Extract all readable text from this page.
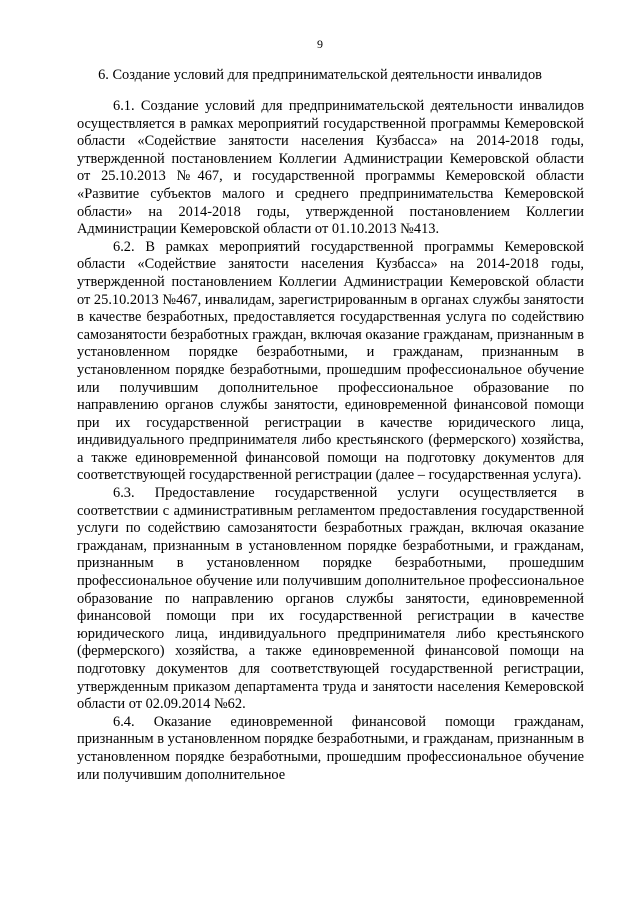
9
6. Создание условий для предпринимательской деятельности инвалидов

6.1. Создание условий для предпринимательской деятельности инвалидов осуществляется в рамках мероприятий государственной программы Кемеровской области «Содействие занятости населения Кузбасса» на 2014-2018 годы, утвержденной постановлением Коллегии Администрации Кемеровской области от 25.10.2013 №467, и государственной программы Кемеровской области «Развитие субъектов малого и среднего предпринимательства Кемеровской области» на 2014-2018 годы, утвержденной постановлением Коллегии Администрации Кемеровской области от 01.10.2013 №413.

6.2. В рамках мероприятий государственной программы Кемеровской области «Содействие занятости населения Кузбасса» на 2014-2018 годы, утвержденной постановлением Коллегии Администрации Кемеровской области от 25.10.2013 №467, инвалидам, зарегистрированным в органах службы занятости в качестве безработных, предоставляется государственная услуга по содействию самозанятости безработных граждан, включая оказание гражданам, признанным в установленном порядке безработными, и гражданам, признанным в установленном порядке безработными, прошедшим профессиональное обучение или получившим дополнительное профессиональное образование по направлению органов службы занятости, единовременной финансовой помощи при их государственной регистрации в качестве юридического лица, индивидуального предпринимателя либо крестьянского (фермерского) хозяйства, а также единовременной финансовой помощи на подготовку документов для соответствующей государственной регистрации (далее – государственная услуга).

6.3. Предоставление государственной услуги осуществляется в соответствии с административным регламентом предоставления государственной услуги по содействию самозанятости безработных граждан, включая оказание гражданам, признанным в установленном порядке безработными, и гражданам, признанным в установленном порядке безработными, прошедшим профессиональное обучение или получившим дополнительное профессиональное образование по направлению органов службы занятости, единовременной финансовой помощи при их государственной регистрации в качестве юридического лица, индивидуального предпринимателя либо крестьянского (фермерского) хозяйства, а также единовременной финансовой помощи на подготовку документов для соответствующей государственной регистрации, утвержденным приказом департамента труда и занятости населения Кемеровской области от 02.09.2014 №62.

6.4. Оказание единовременной финансовой помощи гражданам, признанным в установленном порядке безработными, и гражданам, признанным в установленном порядке безработными, прошедшим профессиональное обучение или получившим дополнительное
